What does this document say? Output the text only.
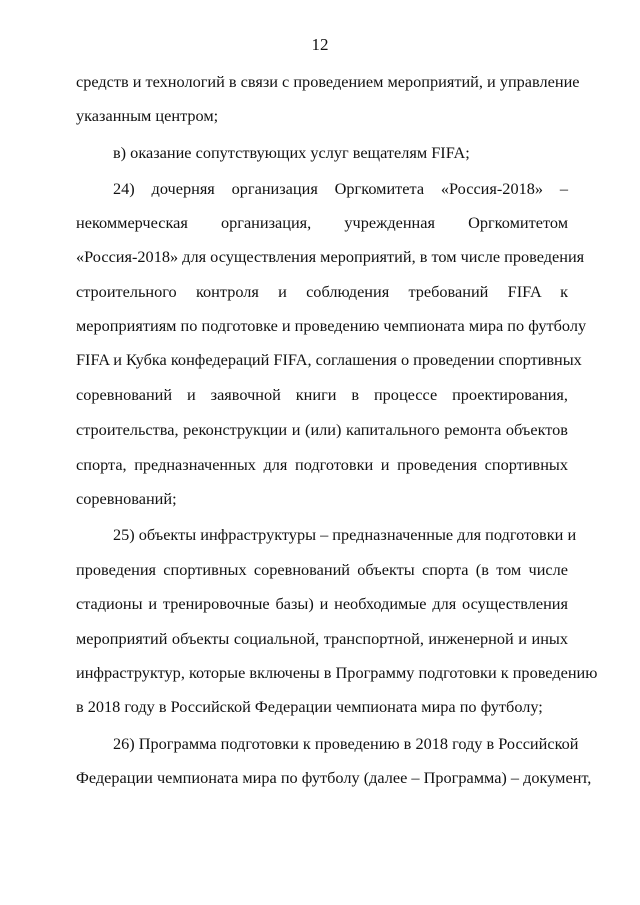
12
средств и технологий в связи с проведением мероприятий, и управление
указанным центром;
в) оказание сопутствующих услуг вещателям FIFA;
24) дочерняя организация Оргкомитета «Россия-2018» –
некоммерческая организация, учрежденная Оргкомитетом
«Россия-2018» для осуществления мероприятий, в том числе проведения
строительного контроля и соблюдения требований FIFA к
мероприятиям по подготовке и проведению чемпионата мира по футболу
FIFA и Кубка конфедераций FIFA, соглашения о проведении спортивных
соревнований и заявочной книги в процессе проектирования,
строительства, реконструкции и (или) капитального ремонта объектов
спорта, предназначенных для подготовки и проведения спортивных
соревнований;
25) объекты инфраструктуры – предназначенные для подготовки и
проведения спортивных соревнований объекты спорта (в том числе
стадионы и тренировочные базы) и необходимые для осуществления
мероприятий объекты социальной, транспортной, инженерной и иных
инфраструктур, которые включены в Программу подготовки к проведению
в 2018 году в Российской Федерации чемпионата мира по футболу;
26) Программа подготовки к проведению в 2018 году в Российской
Федерации чемпионата мира по футболу (далее – Программа) – документ,
